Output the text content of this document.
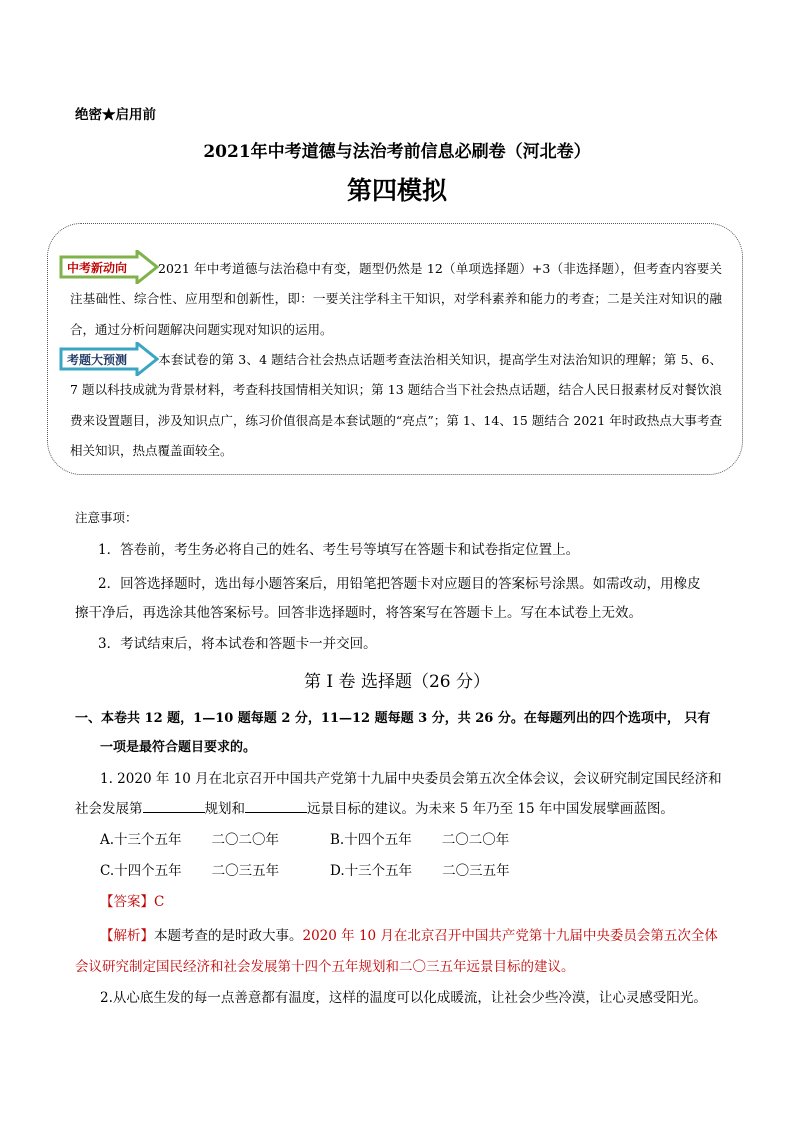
绝密★启用前
2021年中考道德与法治考前信息必刷卷（河北卷）
第四模拟
中考新动向
考题大预测
2021 年中考道德与法治稳中有变，题型仍然是 12（单项选择题）+3（非选择题），但考查内容要关注基础性、综合性、应用型和创新性，即：一要关注学科主干知识，对学科素养和能力的考查；二是关注对知识的融合，通过分析问题解决问题实现对知识的运用。
本套试卷的第 3、4 题结合社会热点话题考查法治相关知识，提高学生对法治知识的理解；第 5、6、7 题以科技成就为背景材料，考查科技国情相关知识；第 13 题结合当下社会热点话题，结合人民日报素材反对餐饮浪费来设置题目，涉及知识点广，练习价值很高是本套试题的“亮点”；第 1、14、15 题结合 2021 年时政热点大事考查相关知识，热点覆盖面较全。
注意事项：
1．答卷前，考生务必将自己的姓名、考生号等填写在答题卡和试卷指定位置上。
2．回答选择题时，选出每小题答案后，用铅笔把答题卡对应题目的答案标号涂黑。如需改动，用橡皮
擦干净后，再选涂其他答案标号。回答非选择题时，将答案写在答题卡上。写在本试卷上无效。
3．考试结束后，将本试卷和答题卡一并交回。
第 I 卷 选择题（26 分）
一、本卷共 12 题，1—10 题每题 2 分，11—12 题每题 3 分，共 26 分。在每题列出的四个选项中， 只有
一项是最符合题目要求的。
1. 2020 年 10 月在北京召开中国共产党第十九届中央委员会第五次全体会议，会议研究制定国民经济和
社会发展第	规划和	远景目标的建议。为未来 5 年乃至 15 年中国发展擘画蓝图。
A.十三个五年 二〇二〇年	B.十四个五年 二〇二〇年
C.十四个五年 二〇三五年	D.十三个五年 二〇三五年
【答案】C
【解析】本题考查的是时政大事。2020 年 10 月在北京召开中国共产党第十九届中央委员会第五次全体
会议研究制定国民经济和社会发展第十四个五年规划和二〇三五年远景目标的建议。
2.从心底生发的每一点善意都有温度，这样的温度可以化成暖流，让社会少些冷漠，让心灵感受阳光。
